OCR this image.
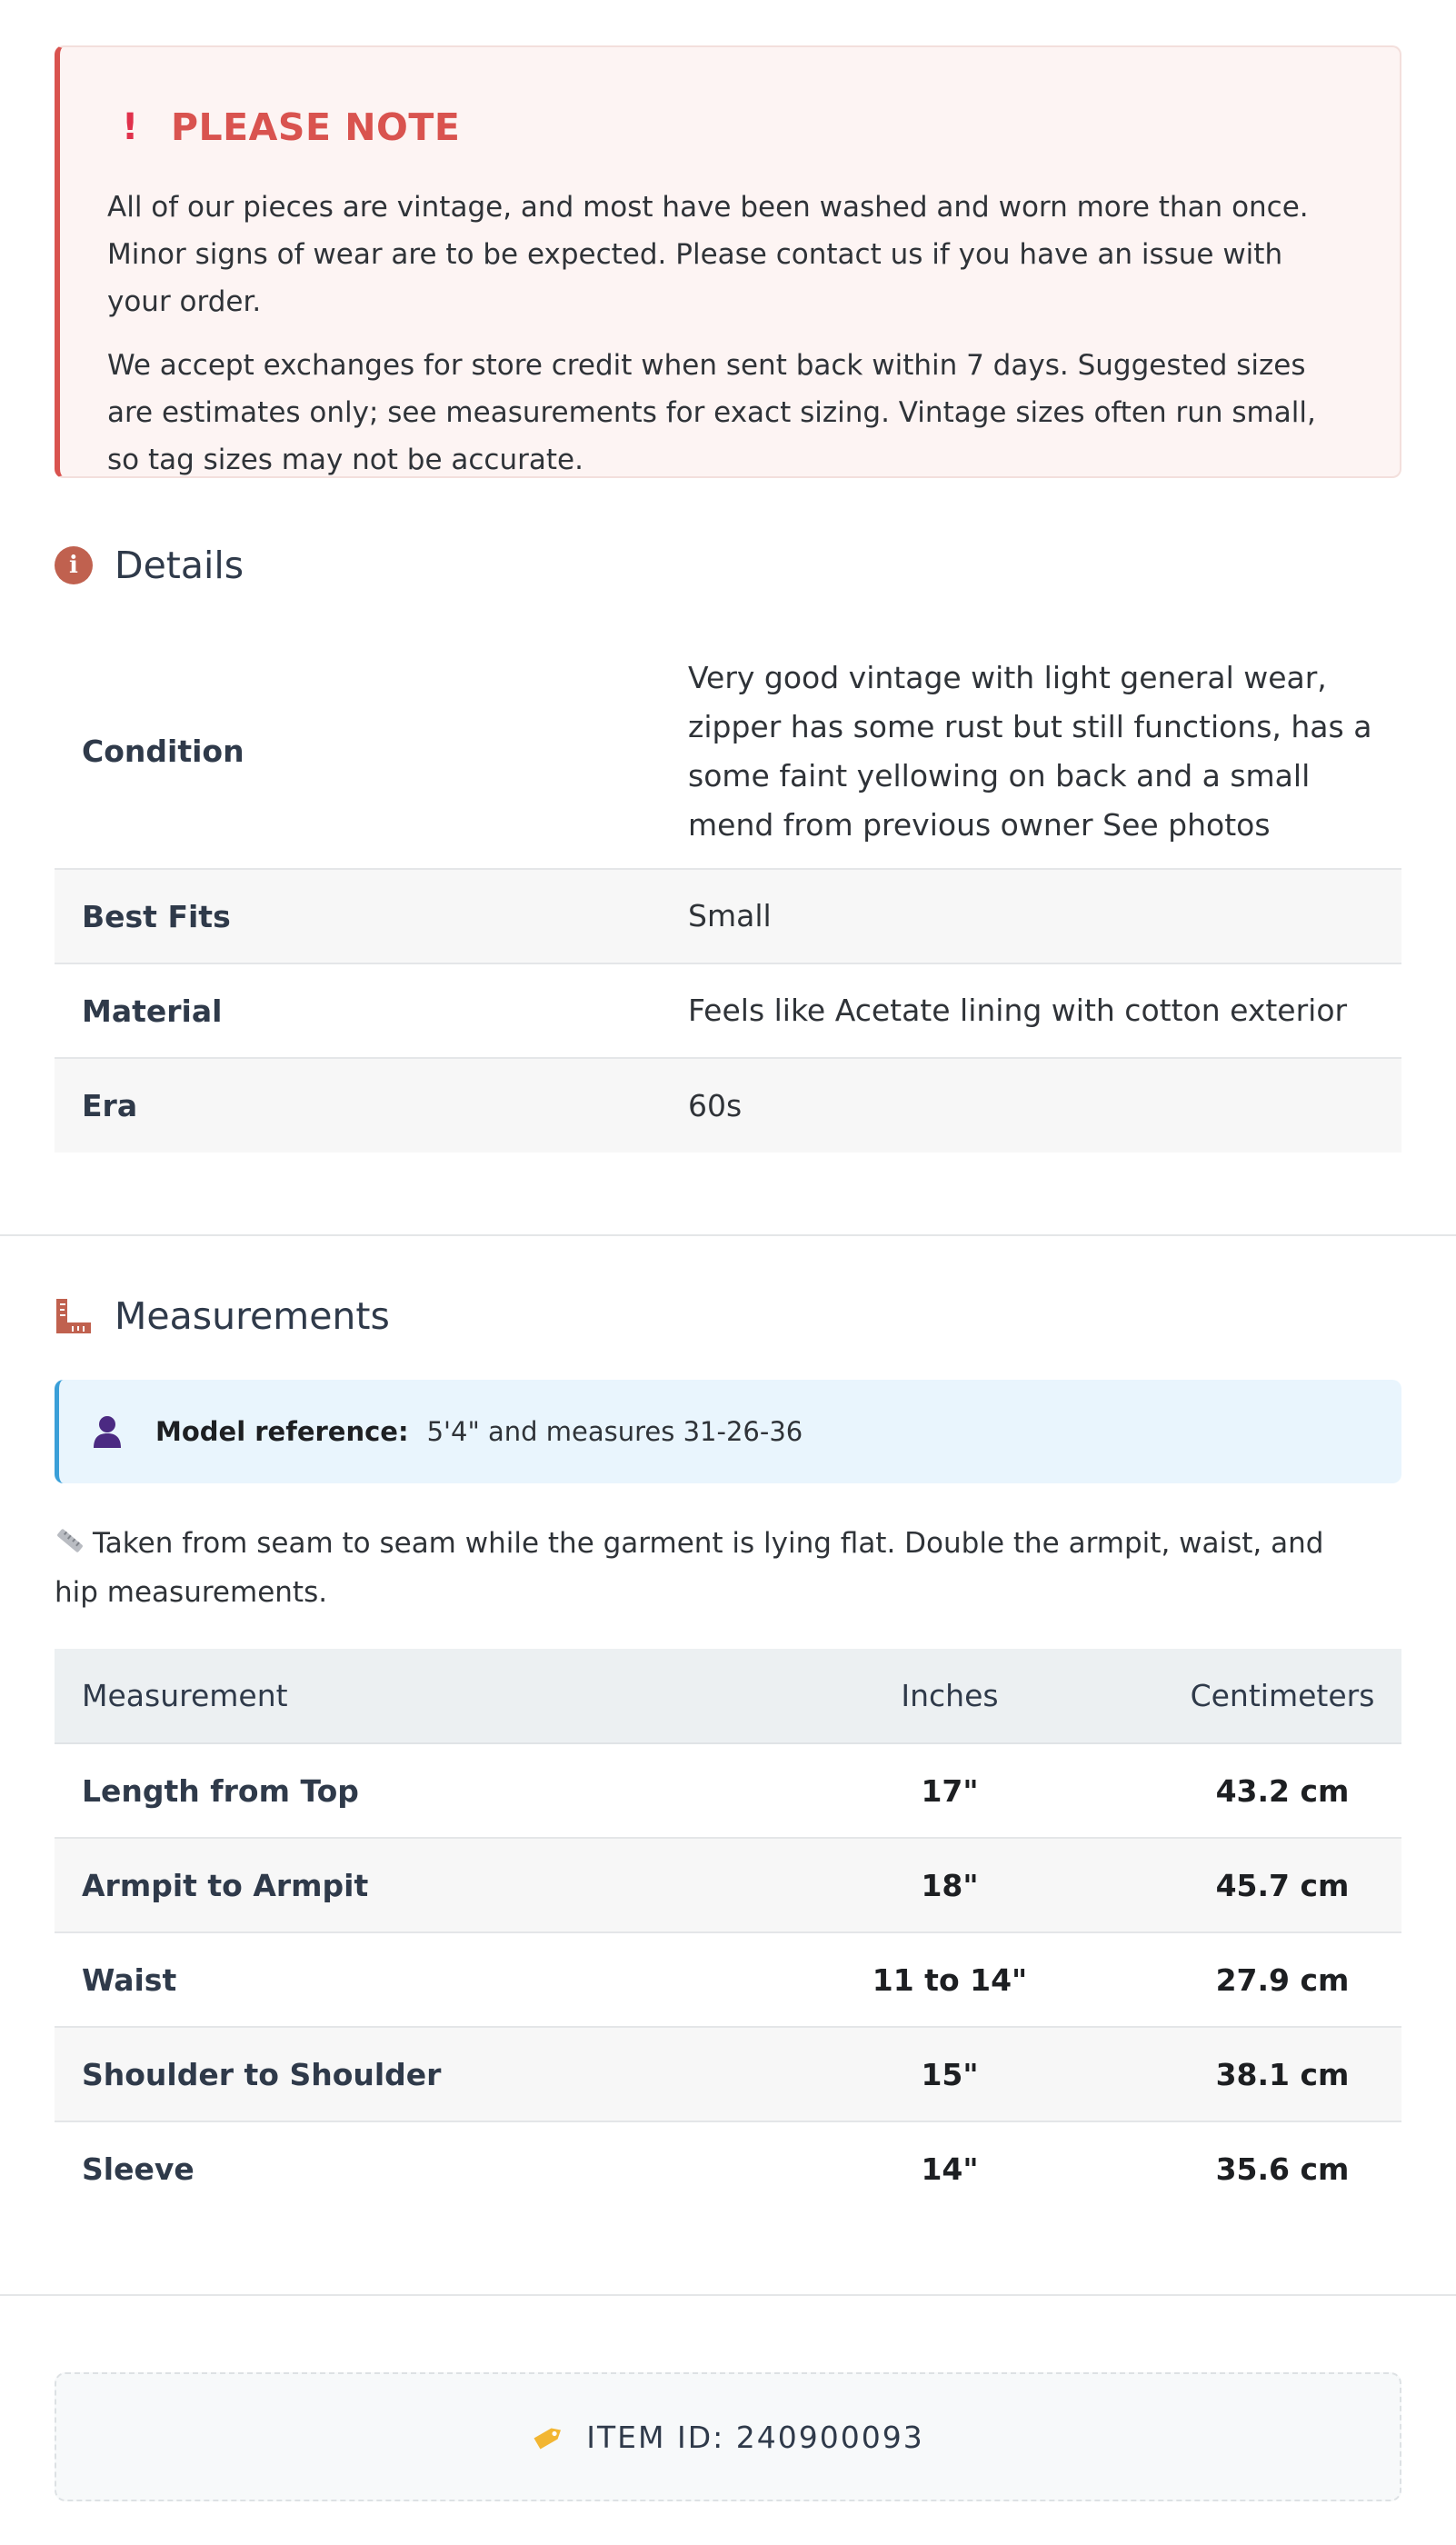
! PLEASE NOTE

All of our pieces are vintage, and most have been washed and worn more than once. Minor signs of wear are to be expected. Please contact us if you have an issue with your order.

We accept exchanges for store credit when sent back within 7 days. Suggested sizes are estimates only; see measurements for exact sizing. Vintage sizes often run small, so tag sizes may not be accurate.

i Details
Condition	Very good vintage with light general wear, zipper has some rust but still functions, has a some faint yellowing on back and a small mend from previous owner See photos
Best Fits	Small
Material	Feels like Acetate lining with cotton exterior
Era	60s
Measurements
Model reference: 5'4" and measures 31-26-36
Taken from seam to seam while the garment is lying flat. Double the armpit, waist, and hip measurements.
Measurement	Inches	Centimeters
Length from Top	17"	43.2 cm
Armpit to Armpit	18"	45.7 cm
Waist	11 to 14"	27.9 cm
Shoulder to Shoulder	15"	38.1 cm
Sleeve	14"	35.6 cm
ITEM ID: 240900093
